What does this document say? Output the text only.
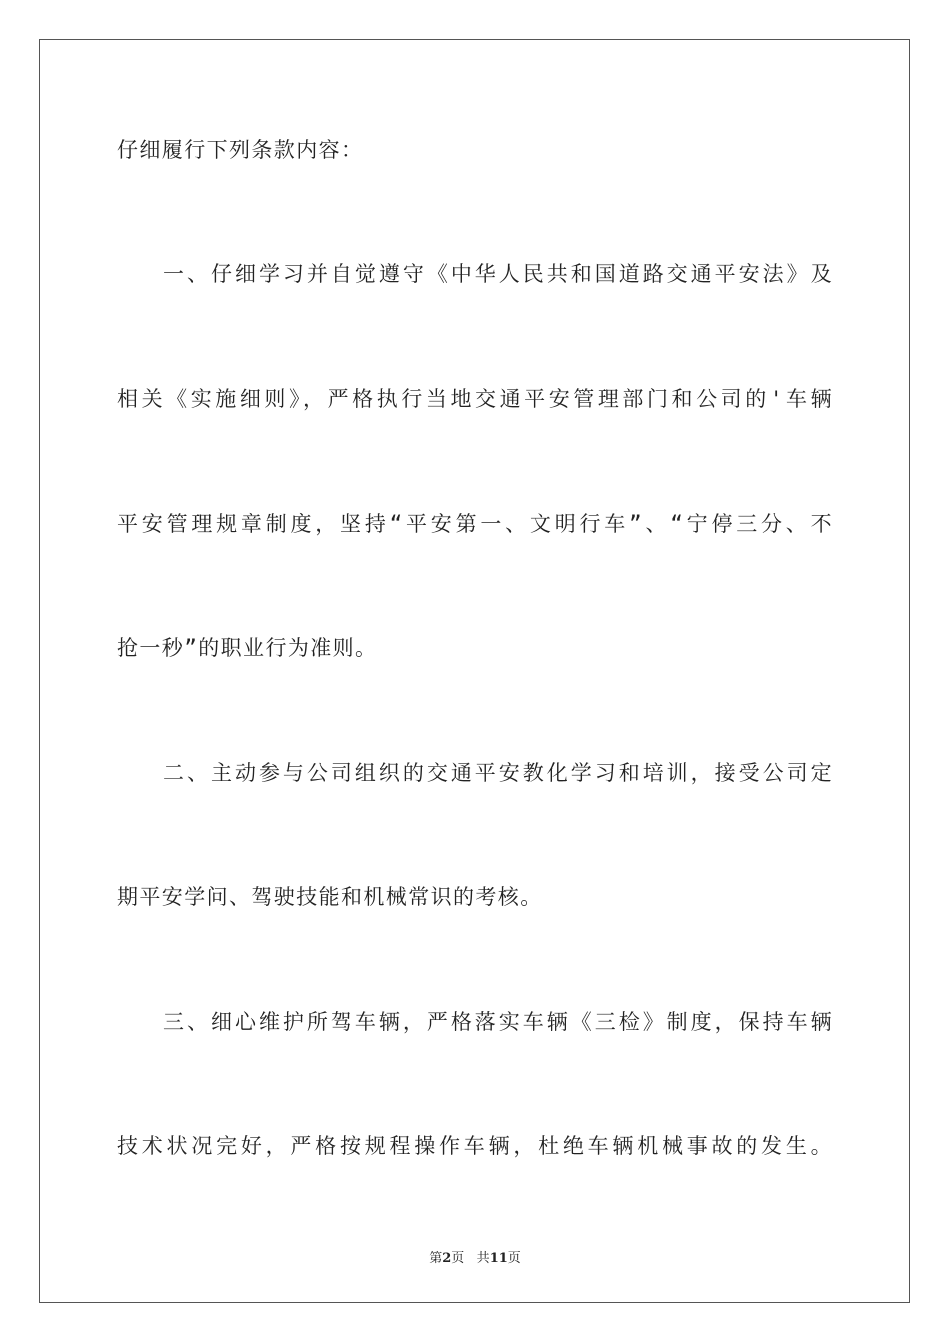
仔细履行下列条款内容：
一、仔细学习并自觉遵守《中华人民共和国道路交通平安法》及
相关《实施细则》，严格执行当地交通平安管理部门和公司的'车辆
平安管理规章制度，坚持“平安第一、文明行车”、“宁停三分、不
抢一秒”的职业行为准则。
二、主动参与公司组织的交通平安教化学习和培训，接受公司定
期平安学问、驾驶技能和机械常识的考核。
三、细心维护所驾车辆，严格落实车辆《三检》制度，保持车辆
技术状况完好，严格按规程操作车辆，杜绝车辆机械事故的发生。
第2页 共11页
